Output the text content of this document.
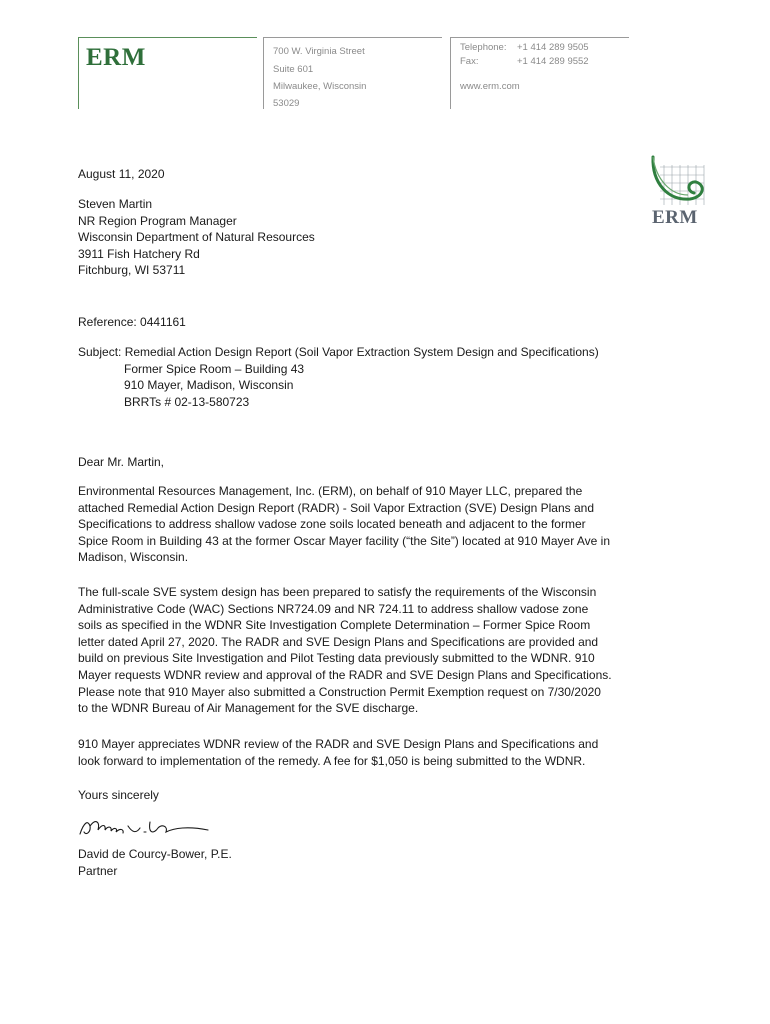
ERM	700 W. Virginia Street
Suite 601
Milwaukee, Wisconsin
53029
Telephone: +1 414 289 9505
Fax:	+1 414 289 9552
www.erm.com
ERM
August 11, 2020
Steven Martin
NR Region Program Manager
Wisconsin Department of Natural Resources
3911 Fish Hatchery Rd
Fitchburg, WI 53711
Reference: 0441161
Subject: Remedial Action Design Report (Soil Vapor Extraction System Design and Specifications)
Former Spice Room – Building 43
910 Mayer, Madison, Wisconsin
BRRTs # 02-13-580723
Dear Mr. Martin,
Environmental Resources Management, Inc. (ERM), on behalf of 910 Mayer LLC, prepared the
attached Remedial Action Design Report (RADR) - Soil Vapor Extraction (SVE) Design Plans and
Specifications to address shallow vadose zone soils located beneath and adjacent to the former
Spice Room in Building 43 at the former Oscar Mayer facility (“the Site”) located at 910 Mayer Ave in
Madison, Wisconsin.
The full-scale SVE system design has been prepared to satisfy the requirements of the Wisconsin
Administrative Code (WAC) Sections NR724.09 and NR 724.11 to address shallow vadose zone
soils as specified in the WDNR Site Investigation Complete Determination – Former Spice Room
letter dated April 27, 2020. The RADR and SVE Design Plans and Specifications are provided and
build on previous Site Investigation and Pilot Testing data previously submitted to the WDNR. 910
Mayer requests WDNR review and approval of the RADR and SVE Design Plans and Specifications.
Please note that 910 Mayer also submitted a Construction Permit Exemption request on 7/30/2020
to the WDNR Bureau of Air Management for the SVE discharge.
910 Mayer appreciates WDNR review of the RADR and SVE Design Plans and Specifications and
look forward to implementation of the remedy. A fee for $1,050 is being submitted to the WDNR.
Yours sincerely
David de Courcy-Bower, P.E.
Partner
